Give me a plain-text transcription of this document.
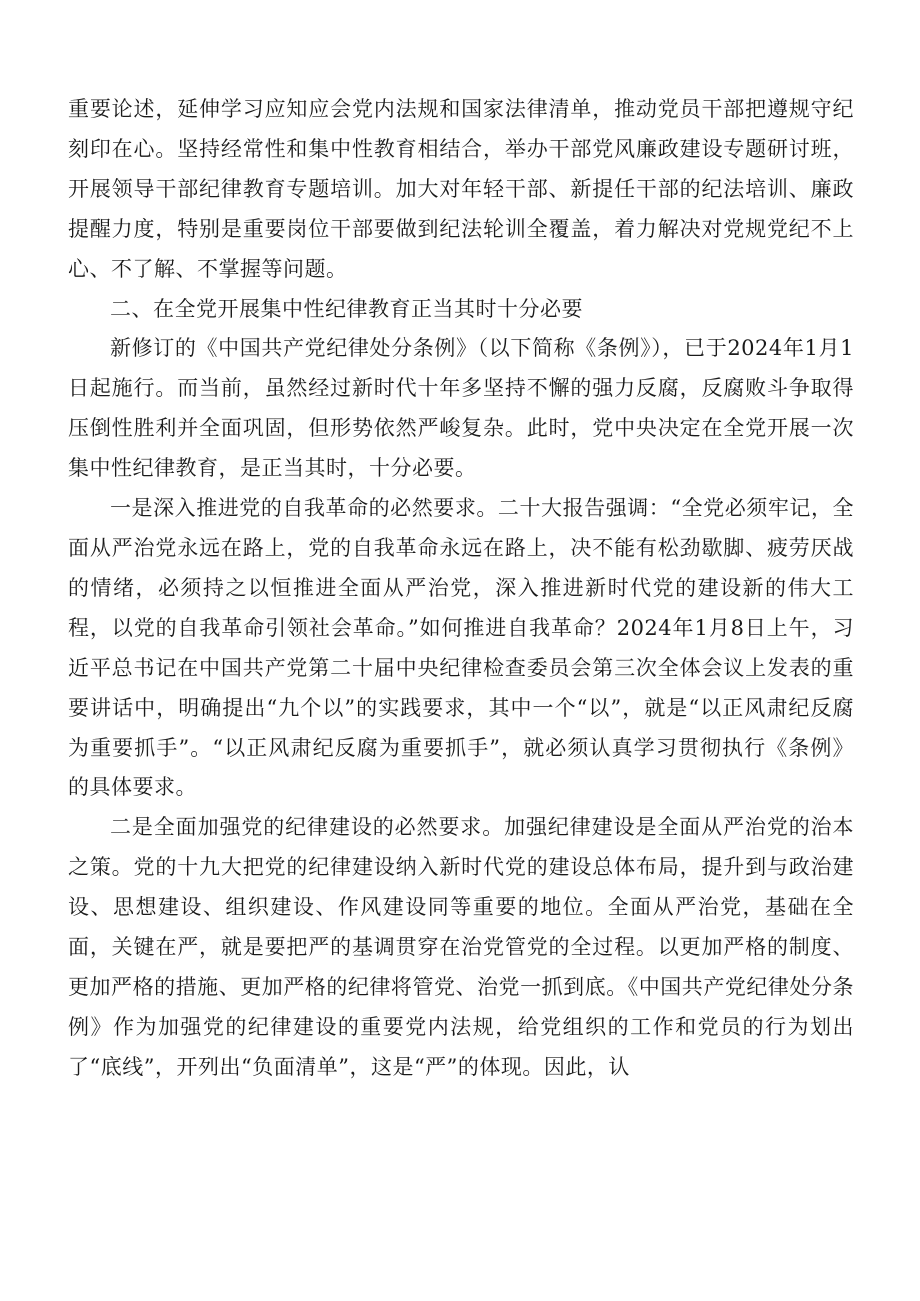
重要论述，延伸学习应知应会党内法规和国家法律清单，推动党员干部把遵规守纪刻印在心。坚持经常性和集中性教育相结合，举办干部党风廉政建设专题研讨班，开展领导干部纪律教育专题培训。加大对年轻干部、新提任干部的纪法培训、廉政提醒力度，特别是重要岗位干部要做到纪法轮训全覆盖，着力解决对党规党纪不上心、不了解、不掌握等问题。

二、在全党开展集中性纪律教育正当其时十分必要

新修订的《中国共产党纪律处分条例》（以下简称《条例》），已于2024年1月1日起施行。而当前，虽然经过新时代十年多坚持不懈的强力反腐，反腐败斗争取得压倒性胜利并全面巩固，但形势依然严峻复杂。此时，党中央决定在全党开展一次集中性纪律教育，是正当其时，十分必要。

一是深入推进党的自我革命的必然要求。二十大报告强调：“全党必须牢记，全面从严治党永远在路上，党的自我革命永远在路上，决不能有松劲歇脚、疲劳厌战的情绪，必须持之以恒推进全面从严治党，深入推进新时代党的建设新的伟大工程，以党的自我革命引领社会革命。”如何推进自我革命？2024年1月8日上午，习近平总书记在中国共产党第二十届中央纪律检查委员会第三次全体会议上发表的重要讲话中，明确提出“九个以”的实践要求，其中一个“以”，就是“以正风肃纪反腐为重要抓手”。“以正风肃纪反腐为重要抓手”，就必须认真学习贯彻执行《条例》的具体要求。

二是全面加强党的纪律建设的必然要求。加强纪律建设是全面从严治党的治本之策。党的十九大把党的纪律建设纳入新时代党的建设总体布局，提升到与政治建设、思想建设、组织建设、作风建设同等重要的地位。全面从严治党，基础在全面，关键在严，就是要把严的基调贯穿在治党管党的全过程。以更加严格的制度、更加严格的措施、更加严格的纪律将管党、治党一抓到底。《中国共产党纪律处分条例》作为加强党的纪律建设的重要党内法规，给党组织的工作和党员的行为划出了“底线”，开列出“负面清单”，这是“严”的体现。因此，认
